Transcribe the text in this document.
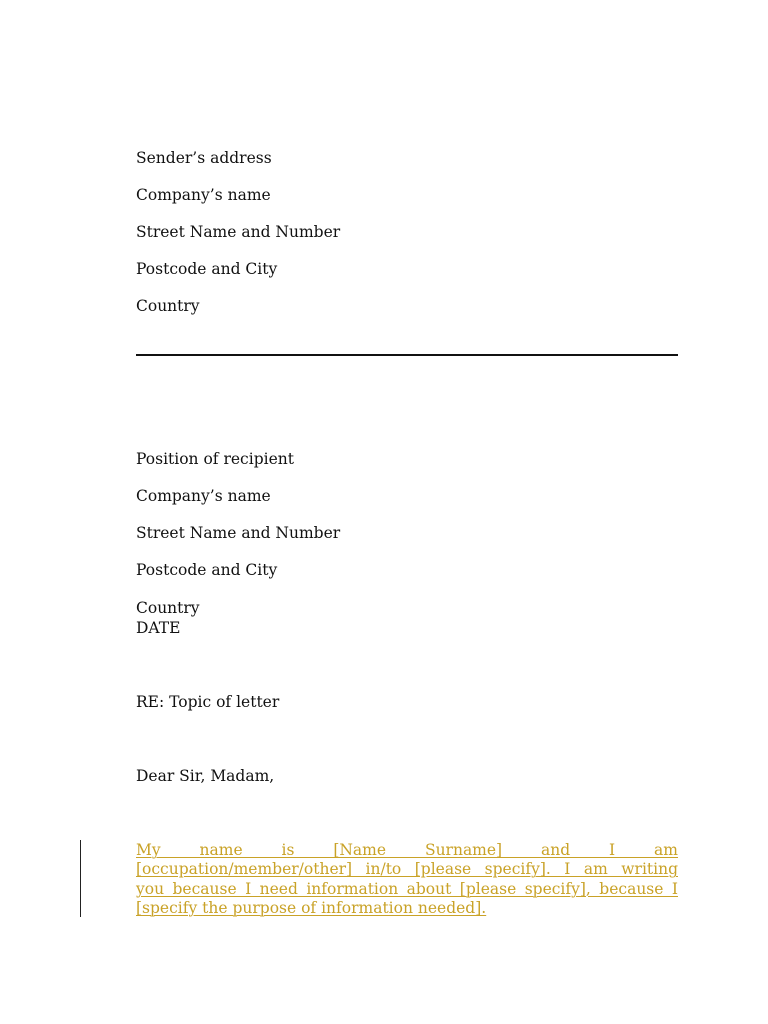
Sender’s address
Company’s name
Street Name and Number
Postcode and City
Country
Position of recipient
Company’s name
Street Name and Number
Postcode and City
Country
DATE
RE: Topic of letter
Dear Sir, Madam,
My name is [Name Surname] and I am
[occupation/member/other] in/to [please specify]. I am writing
you because I need information about [please specify], because I
[specify the purpose of information needed].
